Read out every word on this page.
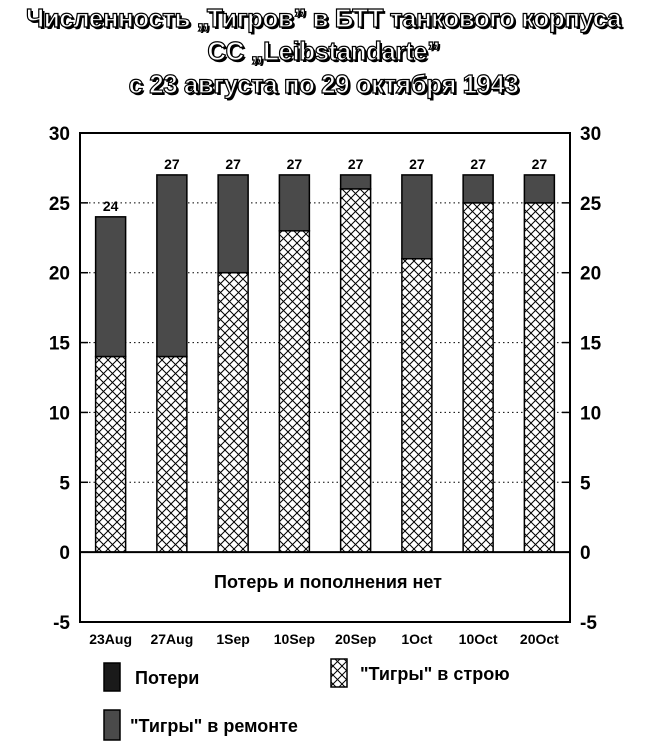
Численность „Тигров” в БТТ танкового корпуса
СС „Leibstandarte”
с 23 августа по 29 октября 1943
24
23Aug
27
27Aug
27
1Sep
27
10Sep
27
20Sep
27
1Oct
27
10Oct
27
20Oct
-5	-5
0	0
5	5
10	10
15	15
20	20
25	25
30	30
Потерь и пополнения нет
Потери	"Тигры" в строю
"Тигры" в ремонте
